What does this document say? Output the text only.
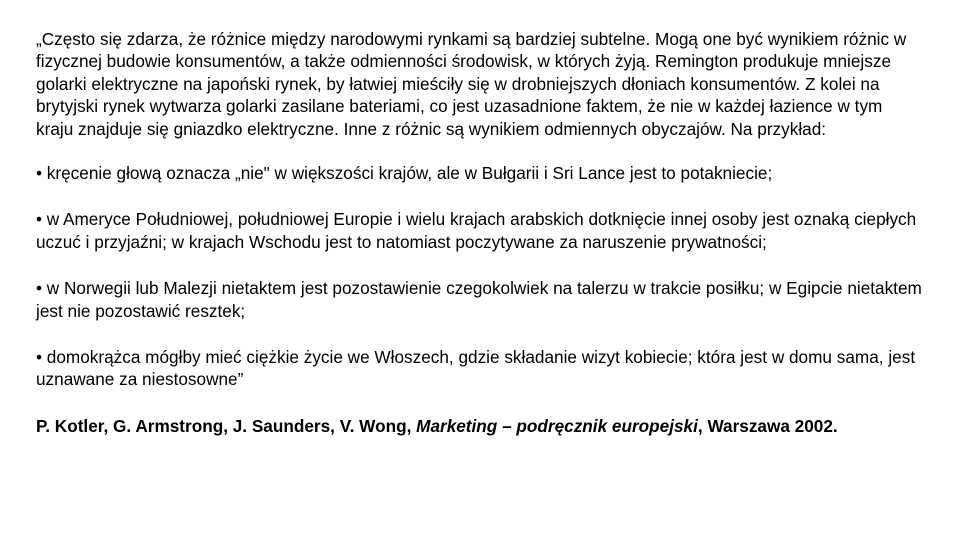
„Często się zdarza, że różnice między narodowymi rynkami są bardziej subtelne. Mogą one być wynikiem różnic w fizycznej budowie konsumentów, a także odmienności środowisk, w których żyją. Remington produkuje mniejsze golarki elektryczne na japoński rynek, by łatwiej mieściły się w drobniejszych dłoniach konsumentów. Z kolei na brytyjski rynek wytwarza golarki zasilane bateriami, co jest uzasadnione faktem, że nie w każdej łazience w tym kraju znajduje się gniazdko elektryczne. Inne z różnic są wynikiem odmiennych obyczajów. Na przykład:

• kręcenie głową oznacza „nie" w większości krajów, ale w Bułgarii i Sri Lance jest to potakniecie;

• w Ameryce Południowej, południowej Europie i wielu krajach arabskich dotknięcie innej osoby jest oznaką ciepłych uczuć i przyjaźni; w krajach Wschodu jest to natomiast poczytywane za naruszenie prywatności;

• w Norwegii lub Malezji nietaktem jest pozostawienie czegokolwiek na talerzu w trakcie posiłku; w Egipcie nietaktem jest nie pozostawić resztek;

• domokrążca mógłby mieć ciężkie życie we Włoszech, gdzie składanie wizyt kobiecie; która jest w domu sama, jest uznawane za niestosowne”

P. Kotler, G. Armstrong, J. Saunders, V. Wong, Marketing – podręcznik europejski, Warszawa 2002.
